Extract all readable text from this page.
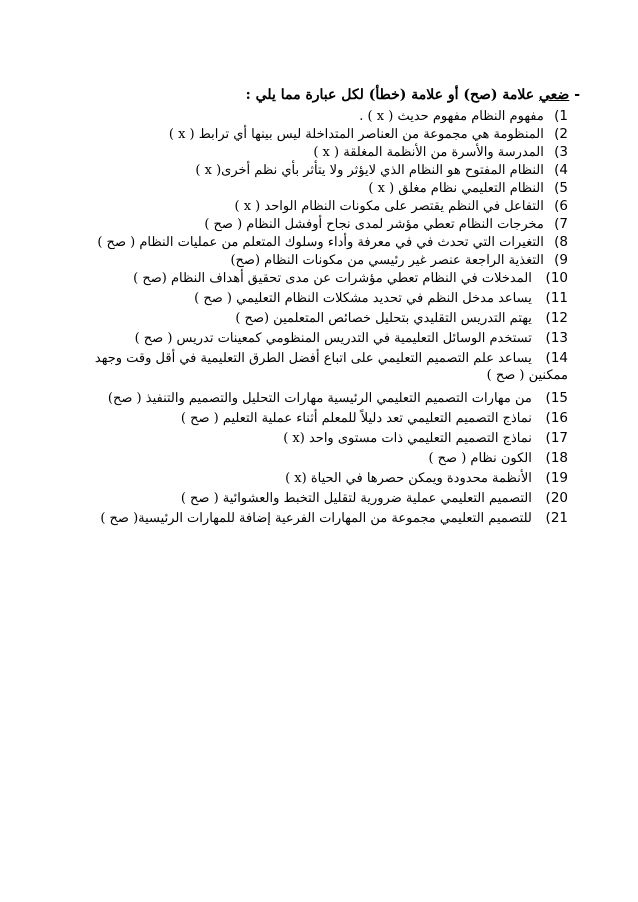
- ضعي علامة (صح) أو علامة (خطأ) لكل عبارة مما يلي :
1) مفهوم النظام مفهوم حديث ( x ) .
2) المنظومة هي مجموعة من العناصر المتداخلة ليس بينها أي ترابط ( x )
3) المدرسة والأسرة من الأنظمة المغلقة ( x )
4) النظام المفتوح هو النظام الذي لايؤثر ولا يتأثر بأي نظم أخرى( x )
5) النظام التعليمي نظام مغلق ( x )
6) التفاعل في النظم يقتصر على مكونات النظام الواحد ( x )
7) مخرجات النظام تعطي مؤشر لمدى نجاح أوفشل النظام ( صح )
8) التغيرات التي تحدث في في معرفة وأداء وسلوك المتعلم من عمليات النظام ( صح )
9) التغذية الراجعة عنصر غير رئيسي من مكونات النظام (صح)
10) المدخلات في النظام تعطي مؤشرات عن مدى تحقيق أهداف النظام (صح )
11) يساعد مدخل النظم في تحديد مشكلات النظام التعليمي ( صح )
12) يهتم التدريس التقليدي بتحليل خصائص المتعلمين (صح )
13) تستخدم الوسائل التعليمية في التدريس المنظومي كمعينات تدريس ( صح )
14) يساعد علم التصميم التعليمي على اتباع أفضل الطرق التعليمية في أقل وقت وجهد
ممكنين ( صح )
15) من مهارات التصميم التعليمي الرئيسية مهارات التحليل والتصميم والتنفيذ ( صح)
16) نماذج التصميم التعليمي تعد دليلاً للمعلم أثناء عملية التعليم ( صح )
17) نماذج التصميم التعليمي ذات مستوى واحد (x )
18) الكون نظام ( صح )
19) الأنظمة محدودة ويمكن حصرها في الحياة (x )
20) التصميم التعليمي عملية ضرورية لتقليل التخبط والعشوائية ( صح )
21) للتصميم التعليمي مجموعة من المهارات الفرعية إضافة للمهارات الرئيسية( صح )
